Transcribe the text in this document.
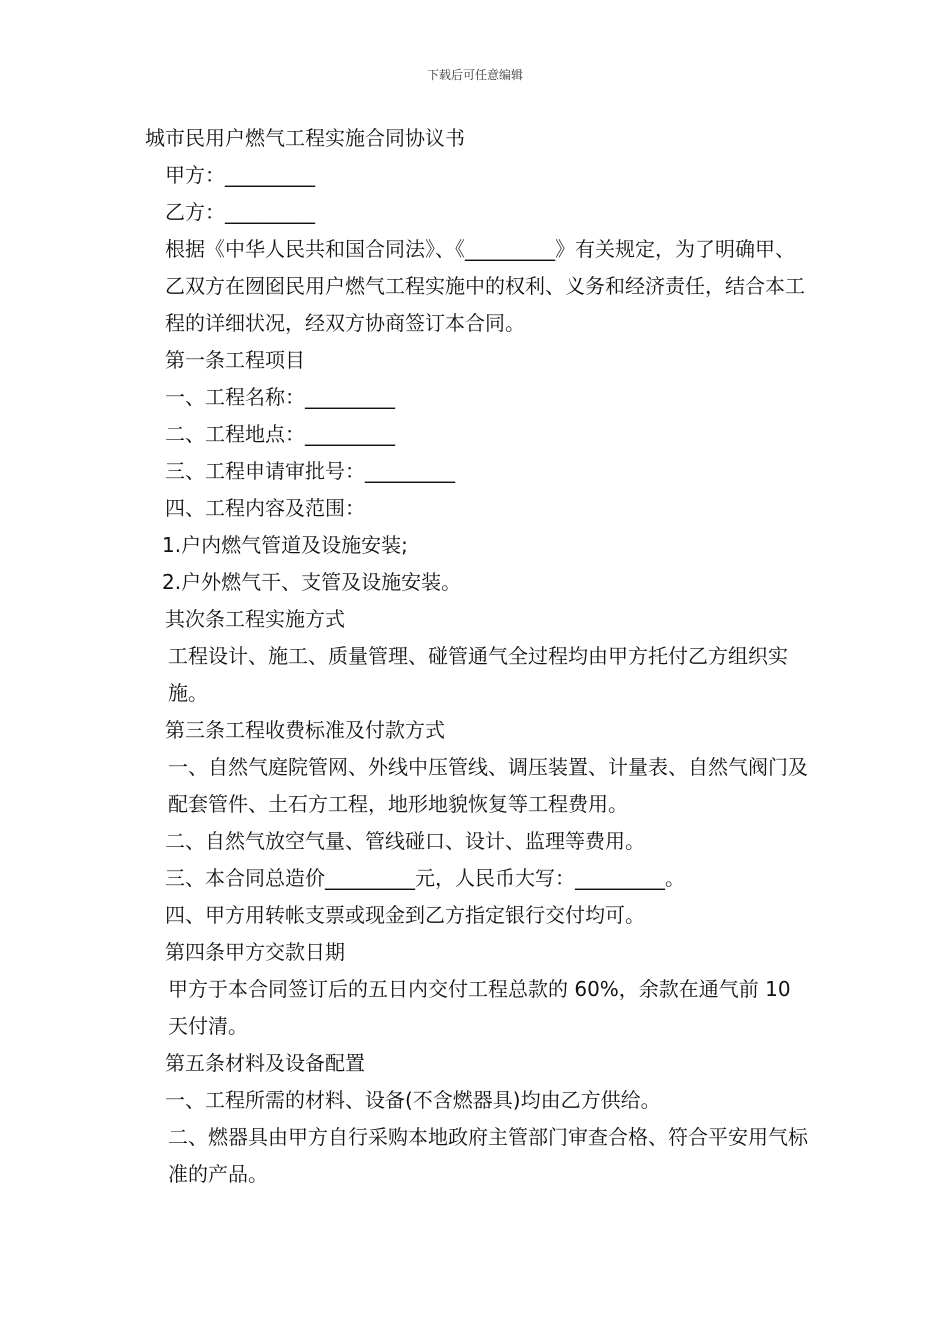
下载后可任意编辑
城市民用户燃气工程实施合同协议书
甲方：_________
乙方：_________
根据《中华人民共和国合同法》、《_________》有关规定，为了明确甲、乙双方在囫囵民用户燃气工程实施中的权利、义务和经济责任，结合本工程的详细状况，经双方协商签订本合同。
第一条工程项目
一、工程名称：_________
二、工程地点：_________
三、工程申请审批号：_________
四、工程内容及范围：
1.户内燃气管道及设施安装;
2.户外燃气干、支管及设施安装。
其次条工程实施方式
工程设计、施工、质量管理、碰管通气全过程均由甲方托付乙方组织实施。
第三条工程收费标准及付款方式
一、自然气庭院管网、外线中压管线、调压装置、计量表、自然气阀门及配套管件、土石方工程，地形地貌恢复等工程费用。
二、自然气放空气量、管线碰口、设计、监理等费用。
三、本合同总造价_________元，人民币大写：_________。
四、甲方用转帐支票或现金到乙方指定银行交付均可。
第四条甲方交款日期
甲方于本合同签订后的五日内交付工程总款的 60%，余款在通气前 10 天付清。
第五条材料及设备配置
一、工程所需的材料、设备(不含燃器具)均由乙方供给。
二、燃器具由甲方自行采购本地政府主管部门审查合格、符合平安用气标准的产品。
